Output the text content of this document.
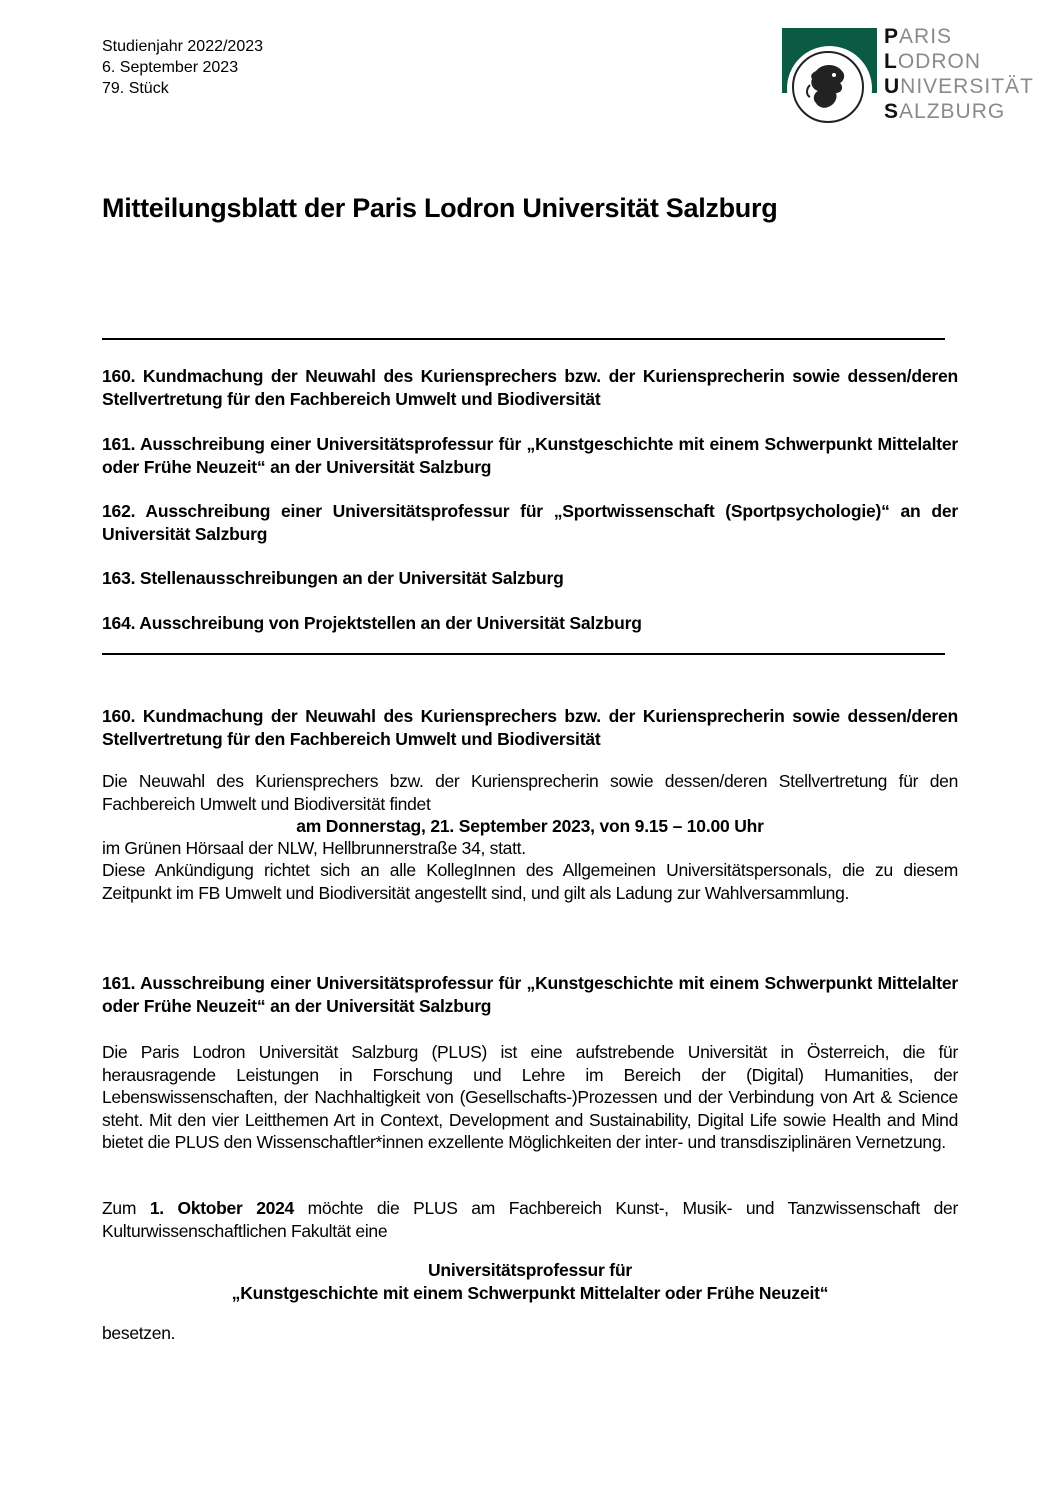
Studienjahr 2022/2023
6. September 2023
79. Stück
PARIS
LODRON
UNIVERSITÄT
SALZBURG
Mitteilungsblatt der Paris Lodron Universität Salzburg

160. Kundmachung der Neuwahl des Kuriensprechers bzw. der Kuriensprecherin sowie dessen/deren Stellvertretung für den Fachbereich Umwelt und Biodiversität

161. Ausschreibung einer Universitätsprofessur für „Kunstgeschichte mit einem Schwerpunkt Mittelalter oder Frühe Neuzeit“ an der Universität Salzburg

162. Ausschreibung einer Universitätsprofessur für „Sportwissenschaft (Sportpsychologie)“ an der Universität Salzburg

163. Stellenausschreibungen an der Universität Salzburg

164. Ausschreibung von Projektstellen an der Universität Salzburg

160. Kundmachung der Neuwahl des Kuriensprechers bzw. der Kuriensprecherin sowie dessen/deren Stellvertretung für den Fachbereich Umwelt und Biodiversität

Die Neuwahl des Kuriensprechers bzw. der Kuriensprecherin sowie dessen/deren Stellvertretung für den Fachbereich Umwelt und Biodiversität findet

am Donnerstag, 21. September 2023, von 9.15 – 10.00 Uhr

im Grünen Hörsaal der NLW, Hellbrunnerstraße 34, statt.

Diese Ankündigung richtet sich an alle KollegInnen des Allgemeinen Universitätspersonals, die zu diesem Zeitpunkt im FB Umwelt und Biodiversität angestellt sind, und gilt als Ladung zur Wahlversammlung.

161. Ausschreibung einer Universitätsprofessur für „Kunstgeschichte mit einem Schwerpunkt Mittelalter oder Frühe Neuzeit“ an der Universität Salzburg

Die Paris Lodron Universität Salzburg (PLUS) ist eine aufstrebende Universität in Österreich, die für herausragende Leistungen in Forschung und Lehre im Bereich der (Digital) Humanities, der Lebenswissenschaften, der Nachhaltigkeit von (Gesellschafts-)Prozessen und der Verbindung von Art & Science steht. Mit den vier Leitthemen Art in Context, Development and Sustainability, Digital Life sowie Health and Mind bietet die PLUS den Wissenschaftler*innen exzellente Möglichkeiten der inter- und transdisziplinären Vernetzung.

Zum 1. Oktober 2024 möchte die PLUS am Fachbereich Kunst-, Musik- und Tanzwissenschaft der Kulturwissenschaftlichen Fakultät eine

Universitätsprofessur für
„Kunstgeschichte mit einem Schwerpunkt Mittelalter oder Frühe Neuzeit“

besetzen.
